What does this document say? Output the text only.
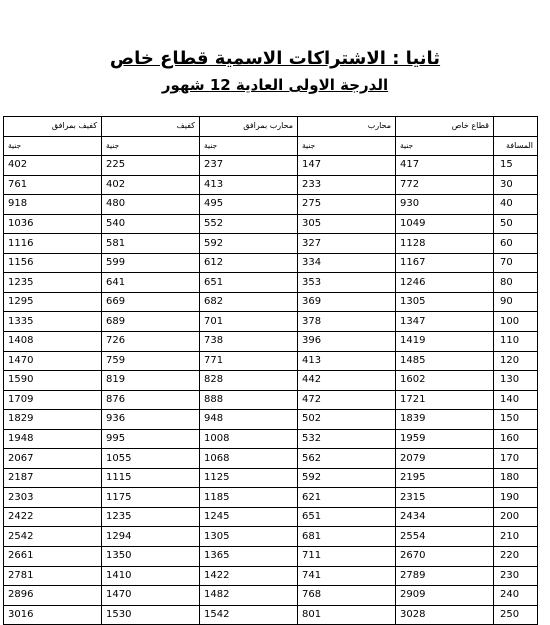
ثانيا : الاشتراكات الاسمية قطاع خاص
الدرجة الاولى العادية 12 شهور
	قطاع خاص	محارب	محارب بمرافق	كفيف	كفيف بمرافق
المسافة	جنية	جنية	جنية	جنية	جنية
15	417	147	237	225	402
30	772	233	413	402	761
40	930	275	495	480	918
50	1049	305	552	540	1036
60	1128	327	592	581	1116
70	1167	334	612	599	1156
80	1246	353	651	641	1235
90	1305	369	682	669	1295
100	1347	378	701	689	1335
110	1419	396	738	726	1408
120	1485	413	771	759	1470
130	1602	442	828	819	1590
140	1721	472	888	876	1709
150	1839	502	948	936	1829
160	1959	532	1008	995	1948
170	2079	562	1068	1055	2067
180	2195	592	1125	1115	2187
190	2315	621	1185	1175	2303
200	2434	651	1245	1235	2422
210	2554	681	1305	1294	2542
220	2670	711	1365	1350	2661
230	2789	741	1422	1410	2781
240	2909	768	1482	1470	2896
250	3028	801	1542	1530	3016
